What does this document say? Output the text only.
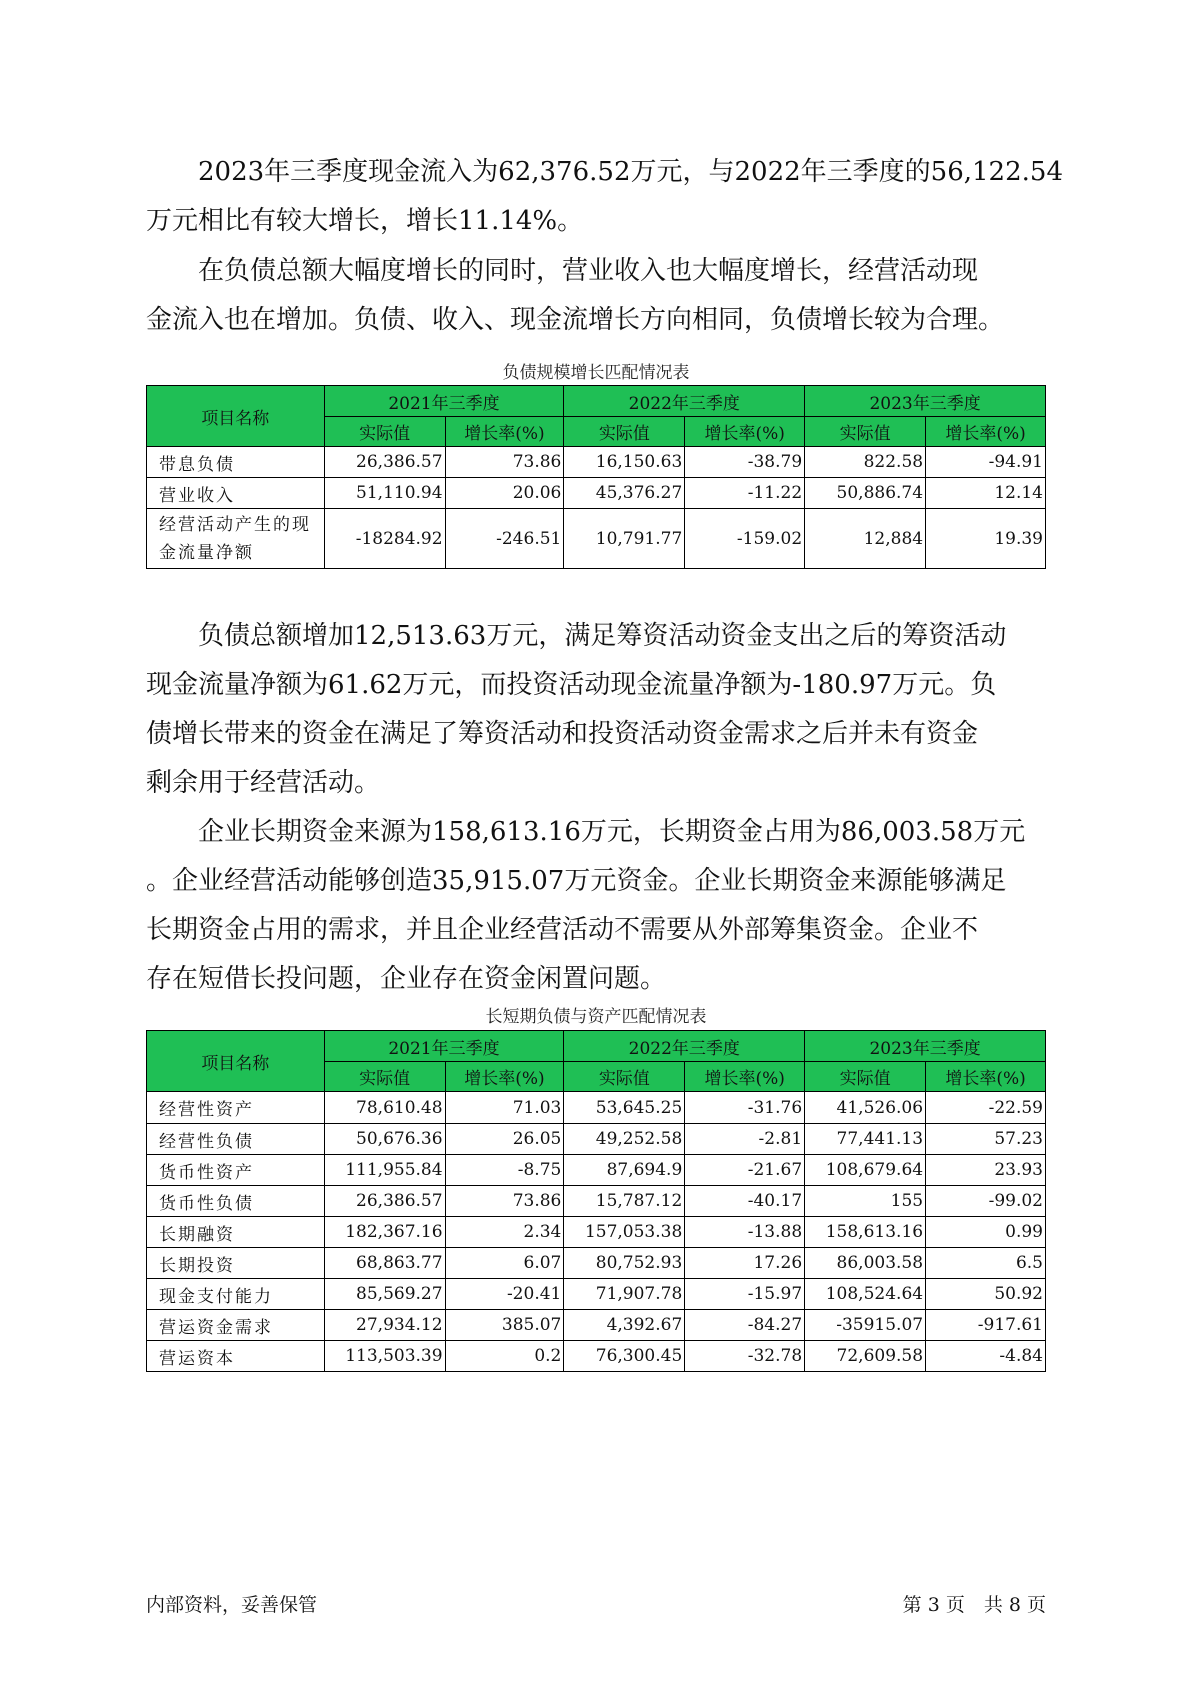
　　2023年三季度现金流入为62,376.52万元，与2022年三季度的56,122.54
万元相比有较大增长，增长11.14%。

　　在负债总额大幅度增长的同时，营业收入也大幅度增长，经营活动现
金流入也在增加。负债、收入、现金流增长方向相同，负债增长较为合理。

负债规模增长匹配情况表
项目名称	2021年三季度		2022年三季度		2023年三季度	
	实际值	增长率(%)	实际值	增长率(%)	实际值	增长率(%)
带息负债	26,386.57	73.86	16,150.63	-38.79	822.58	-94.91
营业收入	51,110.94	20.06	45,376.27	-11.22	50,886.74	12.14
经营活动产生的现
金流量净额	-18284.92	-246.51	10,791.77	-159.02	12,884	19.39

　　负债总额增加12,513.63万元，满足筹资活动资金支出之后的筹资活动
现金流量净额为61.62万元，而投资活动现金流量净额为-180.97万元。负
债增长带来的资金在满足了筹资活动和投资活动资金需求之后并未有资金
剩余用于经营活动。

　　企业长期资金来源为158,613.16万元，长期资金占用为86,003.58万元
。企业经营活动能够创造35,915.07万元资金。企业长期资金来源能够满足
长期资金占用的需求，并且企业经营活动不需要从外部筹集资金。企业不
存在短借长投问题，企业存在资金闲置问题。

长短期负债与资产匹配情况表
项目名称	2021年三季度		2022年三季度		2023年三季度	
	实际值	增长率(%)	实际值	增长率(%)	实际值	增长率(%)
经营性资产	78,610.48	71.03	53,645.25	-31.76	41,526.06	-22.59
经营性负债	50,676.36	26.05	49,252.58	-2.81	77,441.13	57.23
货币性资产	111,955.84	-8.75	87,694.9	-21.67	108,679.64	23.93
货币性负债	26,386.57	73.86	15,787.12	-40.17	155	-99.02
长期融资	182,367.16	2.34	157,053.38	-13.88	158,613.16	0.99
长期投资	68,863.77	6.07	80,752.93	17.26	86,003.58	6.5
现金支付能力	85,569.27	-20.41	71,907.78	-15.97	108,524.64	50.92
营运资金需求	27,934.12	385.07	4,392.67	-84.27	-35915.07	-917.61
营运资本	113,503.39	0.2	76,300.45	-32.78	72,609.58	-4.84
内部资料，妥善保管	第 3 页　共 8 页
